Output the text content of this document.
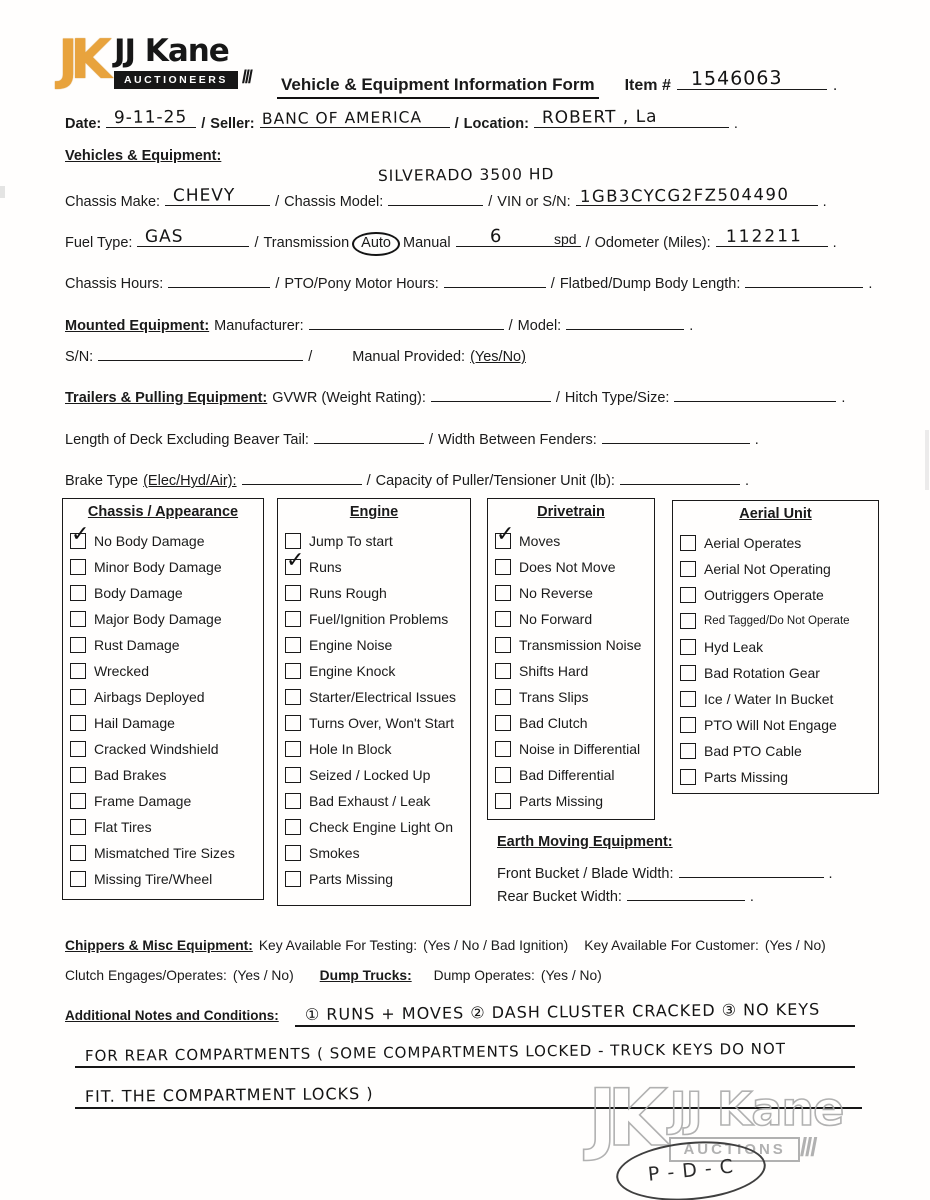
JK JJ Kane
AUCTIONEERS /// Vehicle & Equipment Information Form Item # 1546063	.
Date: 9-11-25 / Seller: BANC OF AMERICA / Location: ROBERT , La	.
Vehicles & Equipment:
SILVERADO 3500 HD
Chassis Make: CHEVY	/ Chassis Model:	/ VIN or S/N: 1GB3CYCG2FZ504490 .
Fuel Type: GAS	/ Transmission Auto Manual 6	spd / Odometer (Miles): 112211 .
Chassis Hours:	/ PTO/Pony Motor Hours:	/ Flatbed/Dump Body Length:	.
Mounted Equipment: Manufacturer:	/ Model:	.
S/N:	/	Manual Provided: (Yes/No)
Trailers & Pulling Equipment: GVWR (Weight Rating):	/ Hitch Type/Size:	.
Length of Deck Excluding Beaver Tail:	/ Width Between Fenders:	.
Brake Type (Elec/Hyd/Air):	/ Capacity of Puller/Tensioner Unit (lb):	.
Chassis / Appearance
✓ No Body Damage
Minor Body Damage
Body Damage
Major Body Damage
Rust Damage
Wrecked
Airbags Deployed
Hail Damage
Cracked Windshield
Bad Brakes
Frame Damage
Flat Tires
Mismatched Tire Sizes
Missing Tire/Wheel
Engine
Jump To start
✓ Runs
Runs Rough
Fuel/Ignition Problems
Engine Noise
Engine Knock
Starter/Electrical Issues
Turns Over, Won't Start
Hole In Block
Seized / Locked Up
Bad Exhaust / Leak
Check Engine Light On
Smokes
Parts Missing
Drivetrain
✓ Moves
Does Not Move
No Reverse
No Forward
Transmission Noise
Shifts Hard
Trans Slips
Bad Clutch
Noise in Differential
Bad Differential
Parts Missing
Aerial Unit
Aerial Operates
Aerial Not Operating
Outriggers Operate
Red Tagged/Do Not Operate
Hyd Leak
Bad Rotation Gear
Ice / Water In Bucket
PTO Will Not Engage
Bad PTO Cable
Parts Missing
Earth Moving Equipment:
Front Bucket / Blade Width:	.
Rear Bucket Width:	.
Chippers & Misc Equipment: Key Available For Testing: (Yes / No / Bad Ignition) Key Available For Customer: (Yes / No)
Clutch Engages/Operates: (Yes / No) Dump Trucks: Dump Operates: (Yes / No)
Additional Notes and Conditions: ① RUNS + MOVES ② DASH CLUSTER CRACKED ③ NO KEYS
FOR REAR COMPARTMENTS ( SOME COMPARTMENTS LOCKED - TRUCK KEYS DO NOT
FIT. THE COMPARTMENT LOCKS )	JK JJ Kane
AUCTIONS ///
P - D - C
